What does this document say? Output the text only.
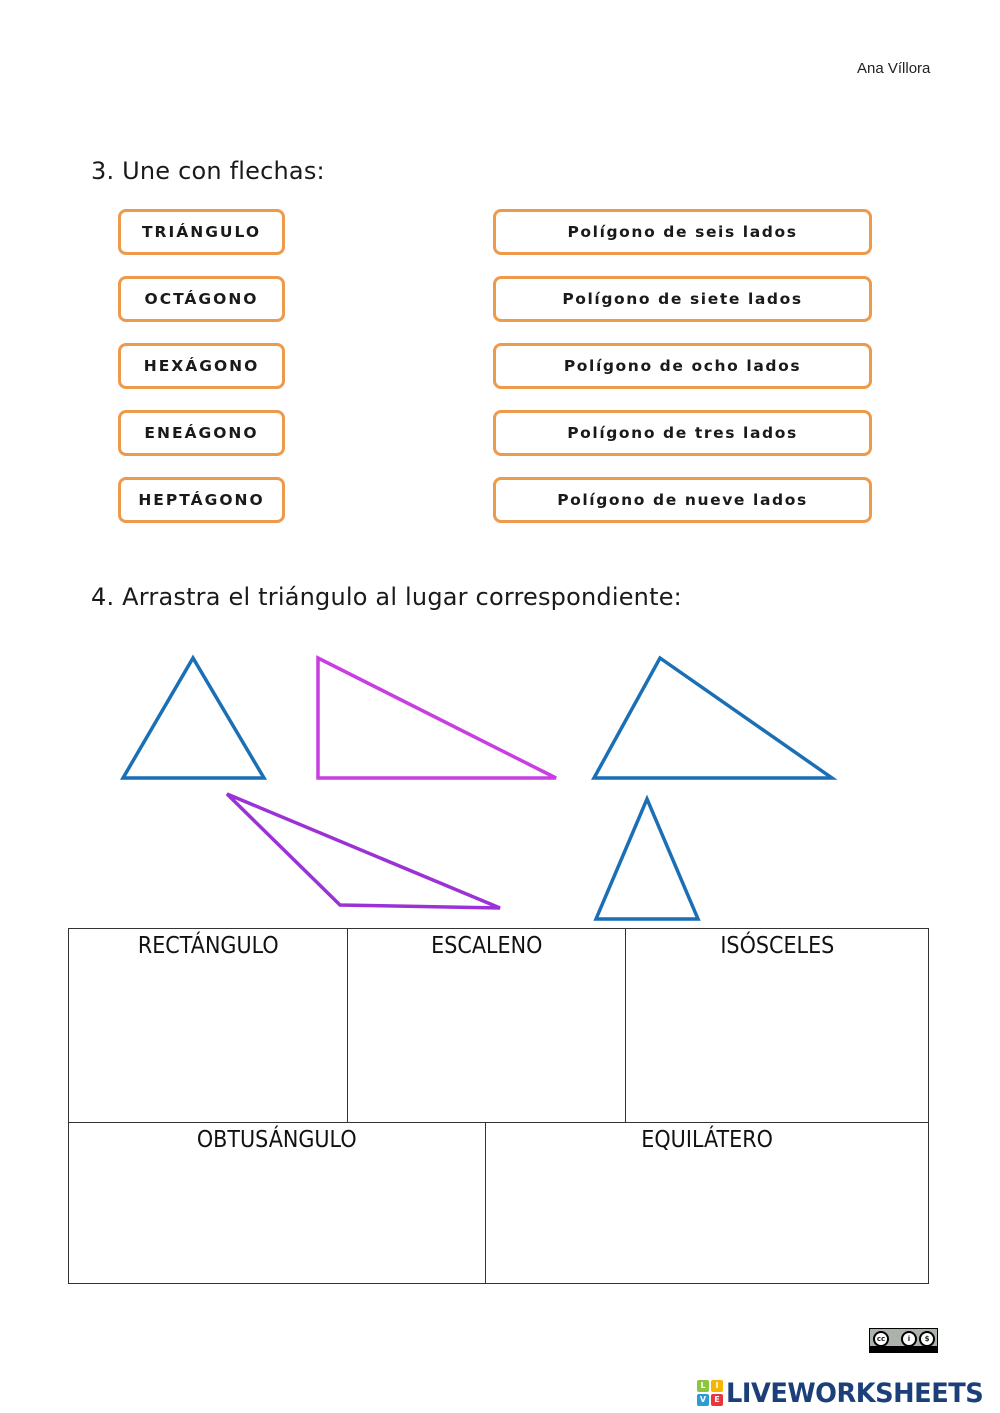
Ana Víllora
3. Une con flechas:
TRIÁNGULO
OCTÁGONO
HEXÁGONO
ENEÁGONO
HEPTÁGONO
Polígono de seis lados
Polígono de siete lados
Polígono de ocho lados
Polígono de tres lados
Polígono de nueve lados
4. Arrastra el triángulo al lugar correspondiente:
RECTÁNGULO	ESCALENO	ISÓSCELES
OBTUSÁNGULO	EQUILÁTERO
cc	i	$
L	I
V	E LIVEWORKSHEETS
